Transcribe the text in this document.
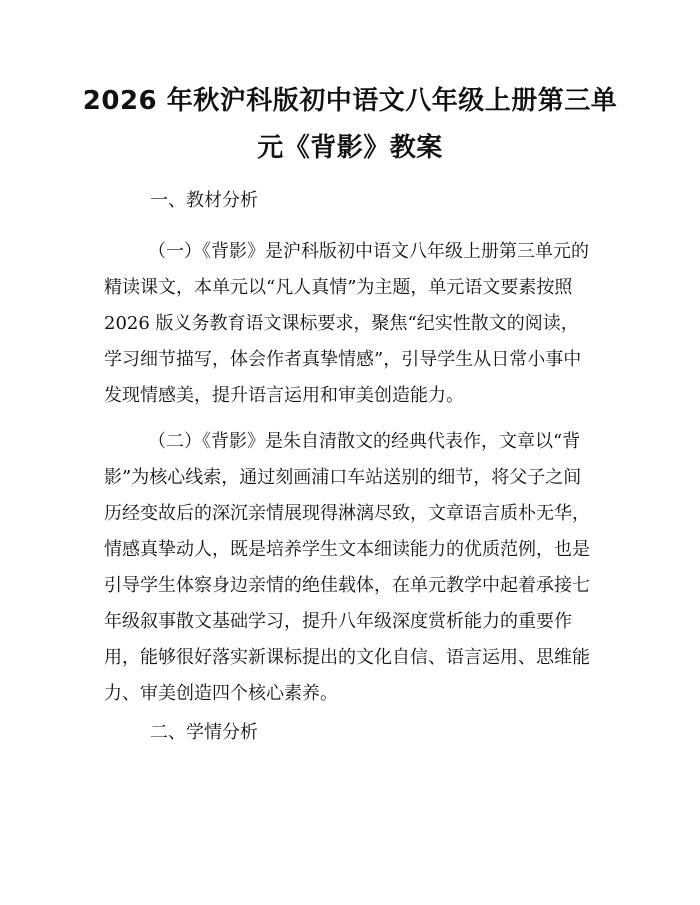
2026 年秋沪科版初中语文八年级上册第三单
元《背影》教案
一、教材分析
（一）《背影》是沪科版初中语文八年级上册第三单元的
精读课文，本单元以“凡人真情”为主题，单元语文要素按照
2026 版义务教育语文课标要求，聚焦“纪实性散文的阅读，
学习细节描写，体会作者真挚情感”，引导学生从日常小事中
发现情感美，提升语言运用和审美创造能力。
（二）《背影》是朱自清散文的经典代表作，文章以“背
影”为核心线索，通过刻画浦口车站送别的细节，将父子之间
历经变故后的深沉亲情展现得淋漓尽致，文章语言质朴无华，
情感真挚动人，既是培养学生文本细读能力的优质范例，也是
引导学生体察身边亲情的绝佳载体，在单元教学中起着承接七
年级叙事散文基础学习，提升八年级深度赏析能力的重要作
用，能够很好落实新课标提出的文化自信、语言运用、思维能
力、审美创造四个核心素养。
二、学情分析
